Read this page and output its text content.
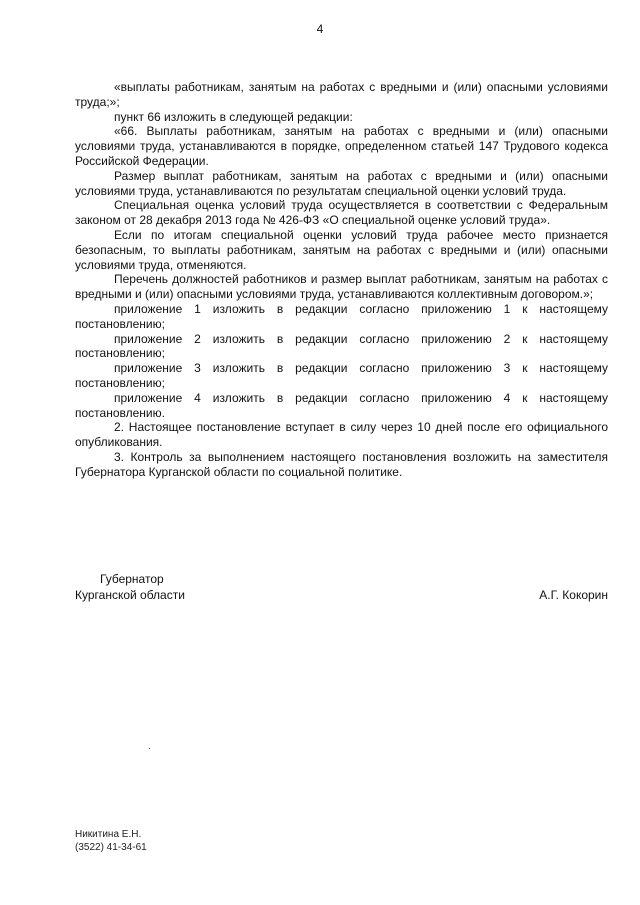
4

«выплаты работникам, занятым на работах с вредными и (или) опасными условиями труда;»;

пункт 66 изложить в следующей редакции:

«66. Выплаты работникам, занятым на работах с вредными и (или) опасными условиями труда, устанавливаются в порядке, определенном статьей 147 Трудового кодекса Российской Федерации.

Размер выплат работникам, занятым на работах с вредными и (или) опасными условиями труда, устанавливаются по результатам специальной оценки условий труда.

Специальная оценка условий труда осуществляется в соответствии с Федеральным законом от 28 декабря 2013 года № 426-ФЗ «О специальной оценке условий труда».

Если по итогам специальной оценки условий труда рабочее место признается безопасным, то выплаты работникам, занятым на работах с вредными и (или) опасными условиями труда, отменяются.

Перечень должностей работников и размер выплат работникам, занятым на работах с вредными и (или) опасными условиями труда, устанавливаются коллективным договором.»;

приложение 1 изложить в редакции согласно приложению 1 к настоящему постановлению;

приложение 2 изложить в редакции согласно приложению 2 к настоящему постановлению;

приложение 3 изложить в редакции согласно приложению 3 к настоящему постановлению;

приложение 4 изложить в редакции согласно приложению 4 к настоящему постановлению.

2. Настоящее постановление вступает в силу через 10 дней после его официального опубликования.

3. Контроль за выполнением настоящего постановления возложить на заместителя Губернатора Курганской области по социальной политике.

Губернатор
Курганской области	А.Г. Кокорин
Никитина Е.Н.
(3522) 41-34-61
